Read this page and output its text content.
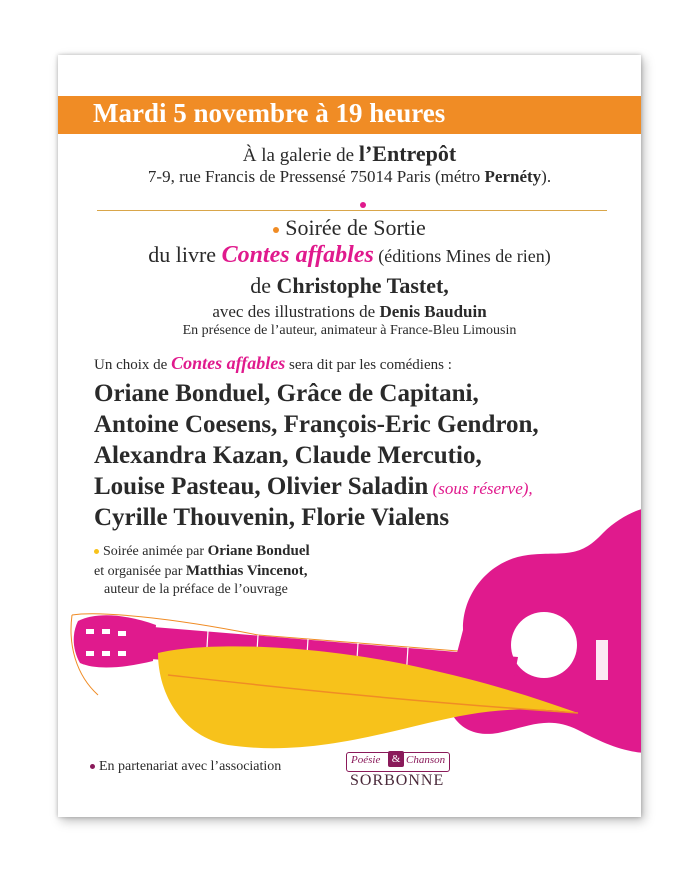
Mardi 5 novembre à 19 heures
À la galerie de l’Entrepôt
7-9, rue Francis de Pressensé 75014 Paris (métro Pernéty).
Soirée de Sortie
du livre Contes affables (éditions Mines de rien)
de Christophe Tastet,
avec des illustrations de Denis Bauduin
En présence de l’auteur, animateur à France-Bleu Limousin
Un choix de Contes affables sera dit par les comédiens :
Oriane Bonduel, Grâce de Capitani,
Antoine Coesens, François-Eric Gendron,
Alexandra Kazan, Claude Mercutio,
Louise Pasteau, Olivier Saladin (sous réserve),
Cyrille Thouvenin, Florie Vialens
Soirée animée par Oriane Bonduel
et organisée par Matthias Vincenot,
auteur de la préface de l’ouvrage
En partenariat avec l’association	Poésie	& Chanson
SORBONNE
